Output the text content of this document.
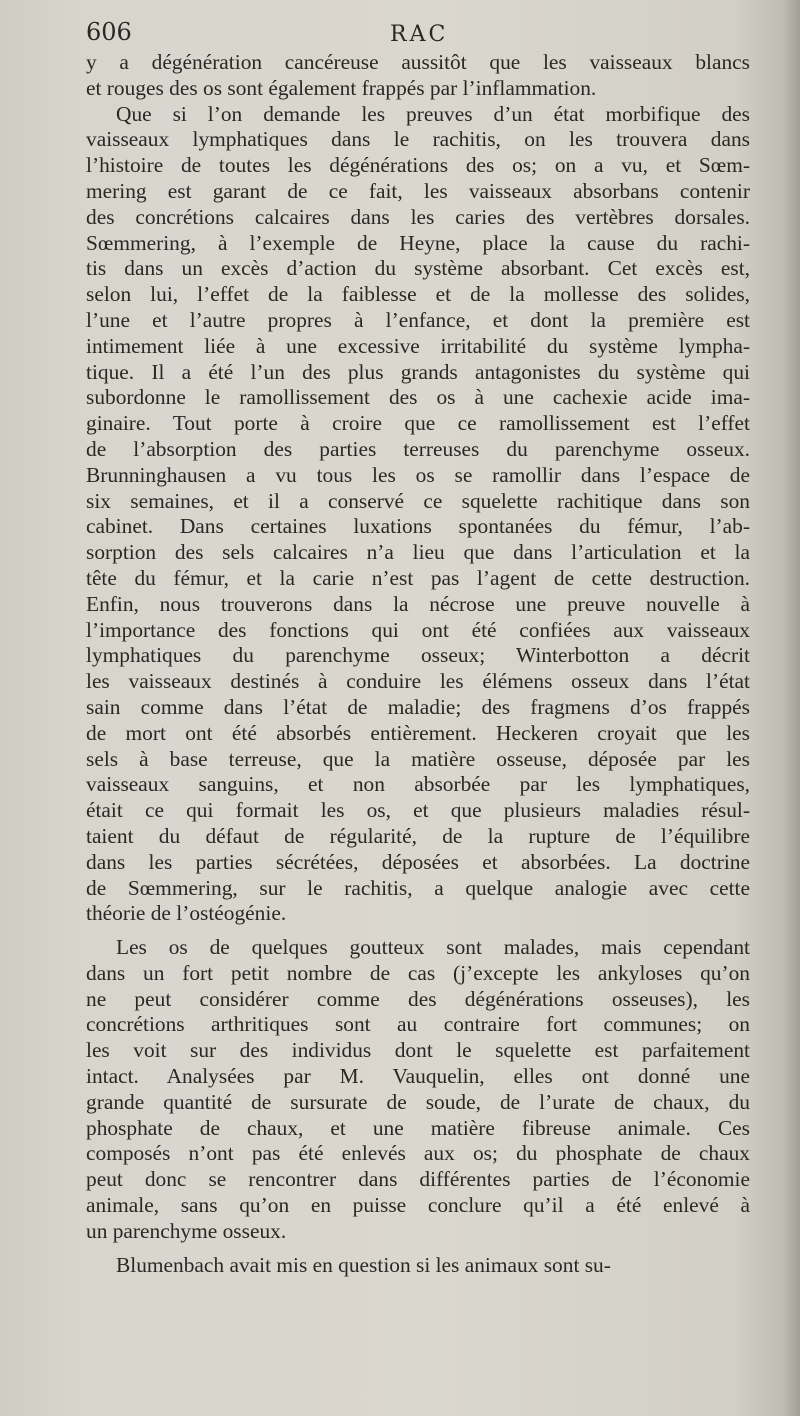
606	RAC
y a dégénération cancéreuse aussitôt que les vaisseaux blancs
et rouges des os sont également frappés par l’inflammation.
Que si l’on demande les preuves d’un état morbifique des
vaisseaux lymphatiques dans le rachitis, on les trouvera dans
l’histoire de toutes les dégénérations des os; on a vu, et Sœm-
mering est garant de ce fait, les vaisseaux absorbans contenir
des concrétions calcaires dans les caries des vertèbres dorsales.
Sœmmering, à l’exemple de Heyne, place la cause du rachi-
tis dans un excès d’action du système absorbant. Cet excès est,
selon lui, l’effet de la faiblesse et de la mollesse des solides,
l’une et l’autre propres à l’enfance, et dont la première est
intimement liée à une excessive irritabilité du système lympha-
tique. Il a été l’un des plus grands antagonistes du système qui
subordonne le ramollissement des os à une cachexie acide ima-
ginaire. Tout porte à croire que ce ramollissement est l’effet
de l’absorption des parties terreuses du parenchyme osseux.
Brunninghausen a vu tous les os se ramollir dans l’espace de
six semaines, et il a conservé ce squelette rachitique dans son
cabinet. Dans certaines luxations spontanées du fémur, l’ab-
sorption des sels calcaires n’a lieu que dans l’articulation et la
tête du fémur, et la carie n’est pas l’agent de cette destruction.
Enfin, nous trouverons dans la nécrose une preuve nouvelle à
l’importance des fonctions qui ont été confiées aux vaisseaux
lymphatiques du parenchyme osseux; Winterbotton a décrit
les vaisseaux destinés à conduire les élémens osseux dans l’état
sain comme dans l’état de maladie; des fragmens d’os frappés
de mort ont été absorbés entièrement. Heckeren croyait que les
sels à base terreuse, que la matière osseuse, déposée par les
vaisseaux sanguins, et non absorbée par les lymphatiques,
était ce qui formait les os, et que plusieurs maladies résul-
taient du défaut de régularité, de la rupture de l’équilibre
dans les parties sécrétées, déposées et absorbées. La doctrine
de Sœmmering, sur le rachitis, a quelque analogie avec cette
théorie de l’ostéogénie.
Les os de quelques goutteux sont malades, mais cependant
dans un fort petit nombre de cas (j’excepte les ankyloses qu’on
ne peut considérer comme des dégénérations osseuses), les
concrétions arthritiques sont au contraire fort communes; on
les voit sur des individus dont le squelette est parfaitement
intact. Analysées par M. Vauquelin, elles ont donné une
grande quantité de sursurate de soude, de l’urate de chaux, du
phosphate de chaux, et une matière fibreuse animale. Ces
composés n’ont pas été enlevés aux os; du phosphate de chaux
peut donc se rencontrer dans différentes parties de l’économie
animale, sans qu’on en puisse conclure qu’il a été enlevé à
un parenchyme osseux.
Blumenbach avait mis en question si les animaux sont su-
